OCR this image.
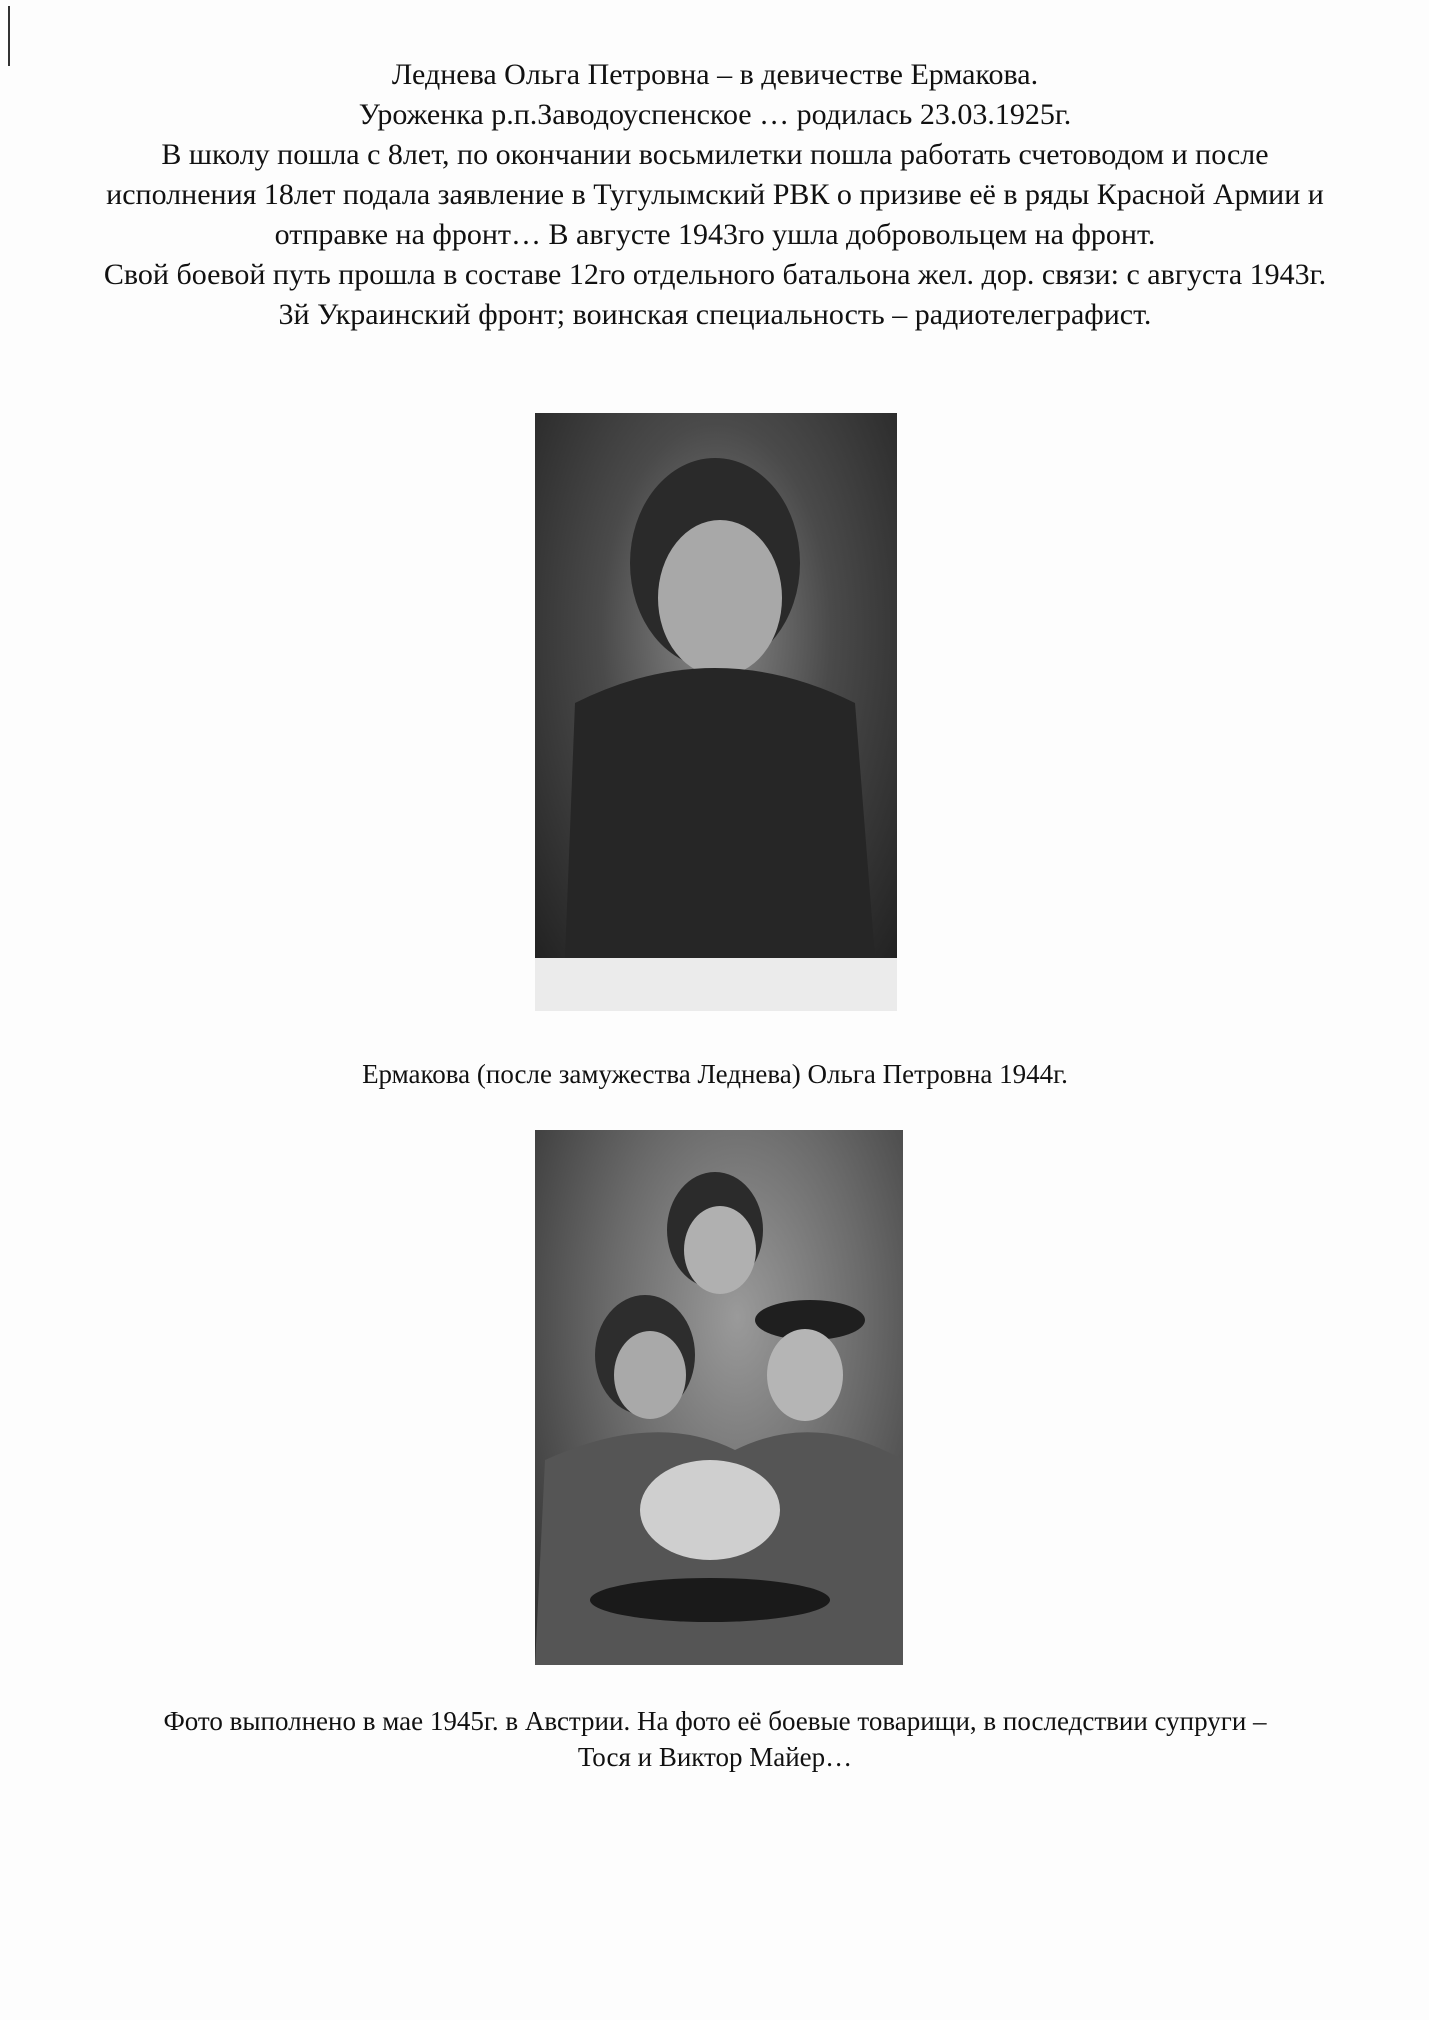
Леднева Ольга Петровна – в девичестве Ермакова.

Уроженка р.п.Заводоуспенское … родилась 23.03.1925г.

В школу пошла с 8лет, по окончании восьмилетки пошла работать счетоводом и после исполнения 18лет подала заявление в Тугулымский РВК о призиве её в ряды Красной Армии и отправке на фронт… В августе 1943го ушла добровольцем на фронт.

Свой боевой путь прошла в составе 12го отдельного батальона жел. дор. связи: с августа 1943г. 3й Украинский фронт; воинская специальность – радиотелеграфист.

Ермакова (после замужества Леднева) Ольга Петровна 1944г.

Фото выполнено в мае 1945г. в Австрии. На фото её боевые товарищи, в последствии супруги –

Тося и Виктор Майер…
